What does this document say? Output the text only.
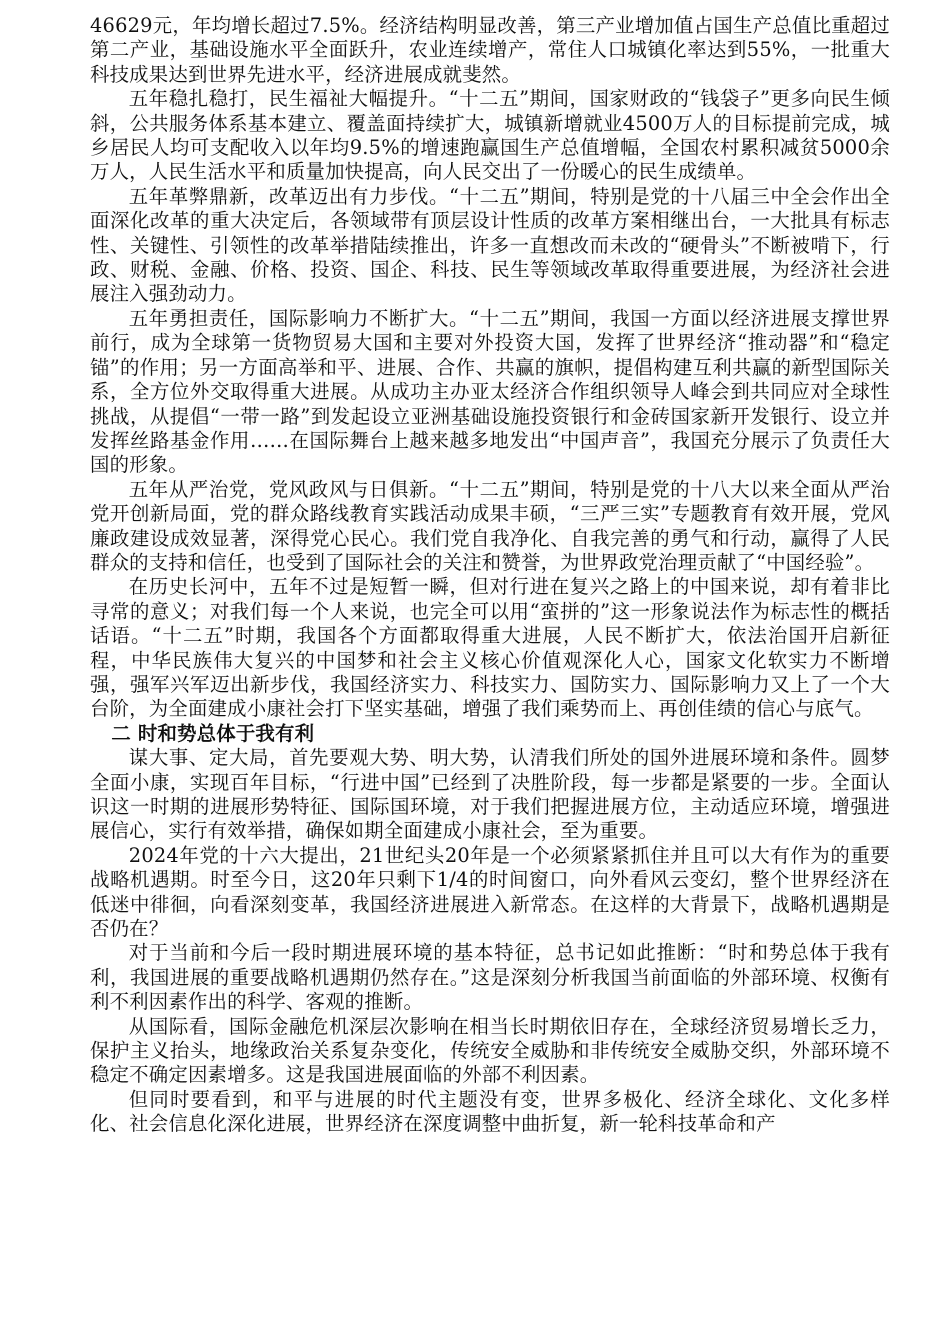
46629元，年均增长超过7.5%。经济结构明显改善，第三产业增加值占国生产总值比重超过第二产业，基础设施水平全面跃升，农业连续增产，常住人口城镇化率达到55%，一批重大科技成果达到世界先进水平，经济进展成就斐然。

五年稳扎稳打，民生福祉大幅提升。“十二五”期间，国家财政的“钱袋子”更多向民生倾斜，公共服务体系基本建立、覆盖面持续扩大，城镇新增就业4500万人的目标提前完成，城乡居民人均可支配收入以年均9.5%的增速跑赢国生产总值增幅，全国农村累积减贫5000余万人，人民生活水平和质量加快提高，向人民交出了一份暖心的民生成绩单。

五年革弊鼎新，改革迈出有力步伐。“十二五”期间，特别是党的十八届三中全会作出全面深化改革的重大决定后，各领域带有顶层设计性质的改革方案相继出台，一大批具有标志性、关键性、引领性的改革举措陆续推出，许多一直想改而未改的“硬骨头”不断被啃下，行政、财税、金融、价格、投资、国企、科技、民生等领域改革取得重要进展，为经济社会进展注入强劲动力。

五年勇担责任，国际影响力不断扩大。“十二五”期间，我国一方面以经济进展支撑世界前行，成为全球第一货物贸易大国和主要对外投资大国，发挥了世界经济“推动器”和“稳定锚”的作用；另一方面高举和平、进展、合作、共赢的旗帜，提倡构建互利共赢的新型国际关系，全方位外交取得重大进展。从成功主办亚太经济合作组织领导人峰会到共同应对全球性挑战，从提倡“一带一路”到发起设立亚洲基础设施投资银行和金砖国家新开发银行、设立并发挥丝路基金作用……在国际舞台上越来越多地发出“中国声音”，我国充分展示了负责任大国的形象。

五年从严治党，党风政风与日俱新。“十二五”期间，特别是党的十八大以来全面从严治党开创新局面，党的群众路线教育实践活动成果丰硕，“三严三实”专题教育有效开展，党风廉政建设成效显著，深得党心民心。我们党自我净化、自我完善的勇气和行动，赢得了人民群众的支持和信任，也受到了国际社会的关注和赞誉，为世界政党治理贡献了“中国经验”。

在历史长河中，五年不过是短暂一瞬，但对行进在复兴之路上的中国来说，却有着非比寻常的意义；对我们每一个人来说，也完全可以用“蛮拼的”这一形象说法作为标志性的概括话语。“十二五”时期，我国各个方面都取得重大进展，人民不断扩大，依法治国开启新征程，中华民族伟大复兴的中国梦和社会主义核心价值观深化人心，国家文化软实力不断增强，强军兴军迈出新步伐，我国经济实力、科技实力、国防实力、国际影响力又上了一个大台阶，为全面建成小康社会打下坚实基础，增强了我们乘势而上、再创佳绩的信心与底气。

二 时和势总体于我有利

谋大事、定大局，首先要观大势、明大势，认清我们所处的国外进展环境和条件。圆梦全面小康，实现百年目标，“行进中国”已经到了决胜阶段，每一步都是紧要的一步。全面认识这一时期的进展形势特征、国际国环境，对于我们把握进展方位，主动适应环境，增强进展信心，实行有效举措，确保如期全面建成小康社会，至为重要。

2024年党的十六大提出，21世纪头20年是一个必须紧紧抓住并且可以大有作为的重要战略机遇期。时至今日，这20年只剩下1/4的时间窗口，向外看风云变幻，整个世界经济在低迷中徘徊，向看深刻变革，我国经济进展进入新常态。在这样的大背景下，战略机遇期是否仍在？

对于当前和今后一段时期进展环境的基本特征，总书记如此推断：“时和势总体于我有利，我国进展的重要战略机遇期仍然存在。”这是深刻分析我国当前面临的外部环境、权衡有利不利因素作出的科学、客观的推断。

从国际看，国际金融危机深层次影响在相当长时期依旧存在，全球经济贸易增长乏力，保护主义抬头，地缘政治关系复杂变化，传统安全威胁和非传统安全威胁交织，外部环境不稳定不确定因素增多。这是我国进展面临的外部不利因素。

但同时要看到，和平与进展的时代主题没有变，世界多极化、经济全球化、文化多样化、社会信息化深化进展，世界经济在深度调整中曲折复，新一轮科技革命和产
